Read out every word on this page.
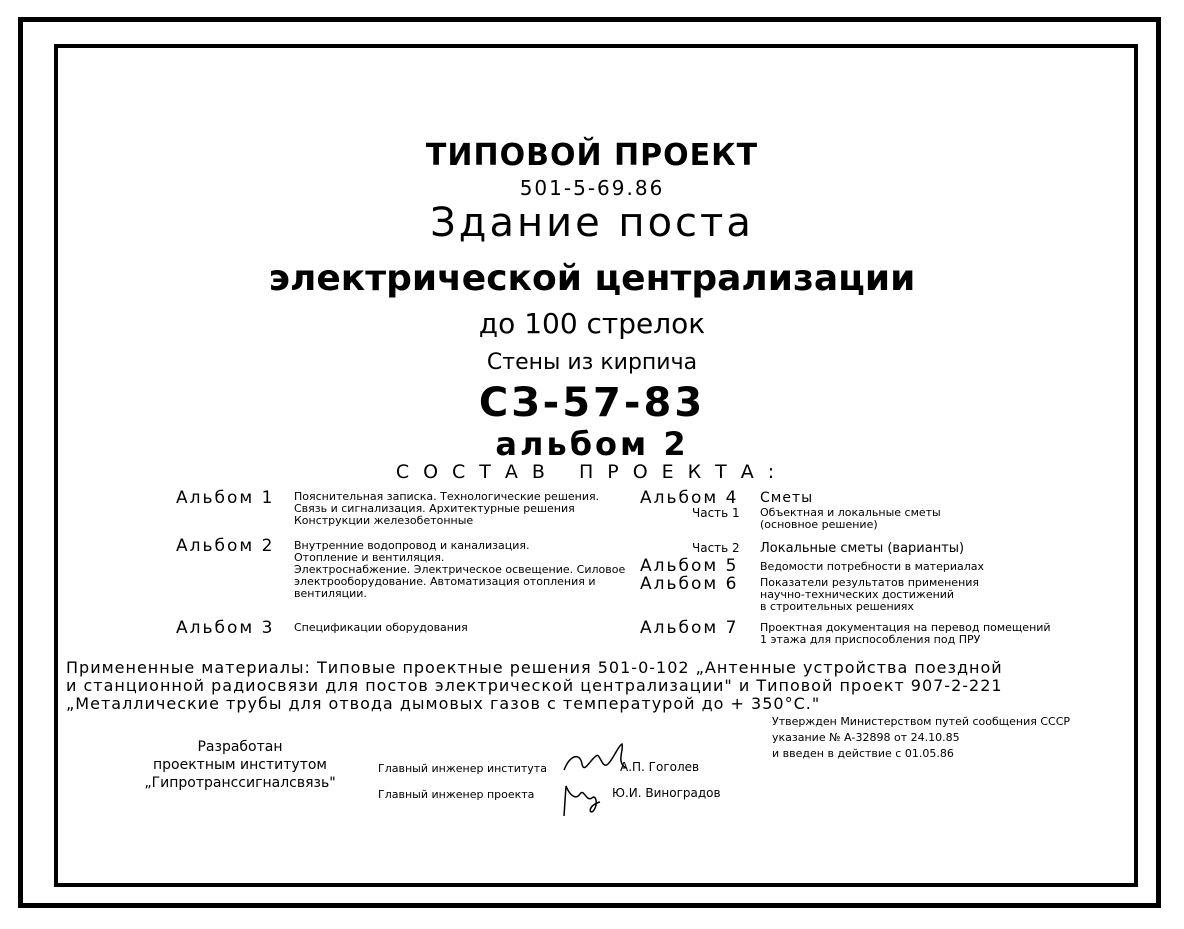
ТИПОВОЙ ПРОЕКТ
501-5-69.86
Здание поста
электрической централизации
до 100 стрелок
Стены из кирпича
СЗ-57-83
альбом 2
СОСТАВ ПРОЕКТА:
Альбом 1 Пояснительная записка. Технологические решения.
Связь и сигнализация. Архитектурные решения
Конструкции железобетонные
Альбом 2 Внутренние водопровод и канализация.
Отопление и вентиляция.
Электроснабжение. Электрическое освещение. Силовое
электрооборудование. Автоматизация отопления и
вентиляции.
Альбом 3 Спецификации оборудования
Альбом 4 Сметы
Часть 1 Объектная и локальные сметы
(основное решение)
Часть 2 Локальные сметы (варианты)
Альбом 5 Ведомости потребности в материалах
Альбом 6 Показатели результатов применения
научно-технических достижений
в строительных решениях
Альбом 7 Проектная документация на перевод помещений
1 этажа для приспособления под ПРУ
Примененные материалы: Типовые проектные решения 501-0-102 „Антенные устройства поездной
и станционной радиосвязи для постов электрической централизации" и Типовой проект 907-2-221
„Металлические трубы для отвода дымовых газов с температурой до + 350°С."
Утвержден Министерством путей сообщения СССР
указание № А-32898 от 24.10.85
и введен в действие с 01.05.86
Разработан
проектным институтом
„Гипротранссигналсвязь"
Главный инженер института	А.П. Гоголев
Главный инженер проекта	Ю.И. Виноградов
